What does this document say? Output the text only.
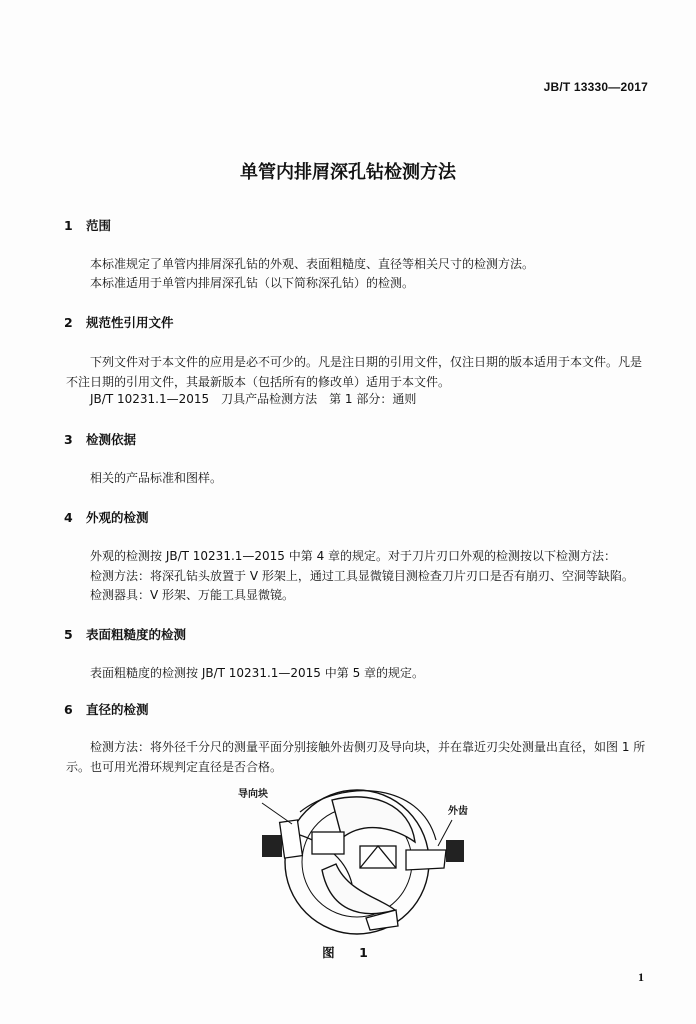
JB/T 13330—2017
单管内排屑深孔钻检测方法
1 范围
本标准规定了单管内排屑深孔钻的外观、表面粗糙度、直径等相关尺寸的检测方法。
本标准适用于单管内排屑深孔钻（以下简称深孔钻）的检测。
2 规范性引用文件
下列文件对于本文件的应用是必不可少的。凡是注日期的引用文件，仅注日期的版本适用于本文件。凡是不注日期的引用文件，其最新版本（包括所有的修改单）适用于本文件。
JB/T 10231.1—2015　刀具产品检测方法　第 1 部分：通则
3 检测依据
相关的产品标准和图样。
4 外观的检测
外观的检测按 JB/T 10231.1—2015 中第 4 章的规定。对于刀片刃口外观的检测按以下检测方法：
检测方法：将深孔钻头放置于 V 形架上，通过工具显微镜目测检查刀片刃口是否有崩刃、空洞等缺陷。
检测器具：V 形架、万能工具显微镜。
5 表面粗糙度的检测
表面粗糙度的检测按 JB/T 10231.1—2015 中第 5 章的规定。
6 直径的检测
检测方法：将外径千分尺的测量平面分别接触外齿侧刃及导向块，并在靠近刃尖处测量出直径，如图 1 所示。也可用光滑环规判定直径是否合格。
导向块
外齿
图　1
1
